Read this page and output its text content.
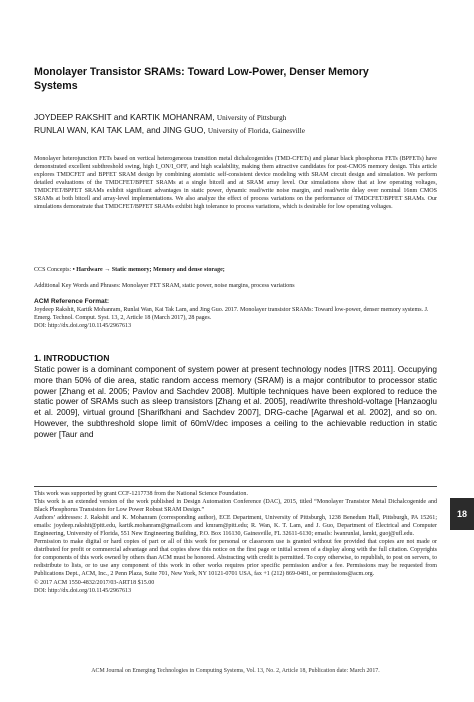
Monolayer Transistor SRAMs: Toward Low-Power, Denser Memory Systems
JOYDEEP RAKSHIT and KARTIK MOHANRAM, University of Pittsburgh
RUNLAI WAN, KAI TAK LAM, and JING GUO, University of Florida, Gainesville
Monolayer heterojunction FETs based on vertical heterogeneous transition metal dichalcogenides (TMD-CFETs) and planar black phosphorus FETs (BPFETs) have demonstrated excellent subthreshold swing, high I_ON/I_OFF, and high scalability, making them attractive candidates for post-CMOS memory design. This article explores TMDCFET and BPFET SRAM design by combining atomistic self-consistent device modeling with SRAM circuit design and simulation. We perform detailed evaluations of the TMDCFET/BPFET SRAMs at a single bitcell and at SRAM array level. Our simulations show that at low operating voltages, TMDCFET/BPFET SRAMs exhibit significant advantages in static power, dynamic read/write noise margin, and read/write delay over nominal 16nm CMOS SRAMs at both bitcell and array-level implementations. We also analyze the effect of process variations on the performance of TMDCFET/BPFET SRAMs. Our simulations demonstrate that TMDCFET/BPFET SRAMs exhibit high tolerance to process variations, which is desirable for low operating voltages.
CCS Concepts: • Hardware → Static memory; Memory and dense storage;
Additional Key Words and Phrases: Monolayer FET SRAM, static power, noise margins, process variations
ACM Reference Format:
Joydeep Rakshit, Kartik Mohanram, Runlai Wan, Kai Tak Lam, and Jing Guo. 2017. Monolayer transistor SRAMs: Toward low-power, denser memory systems. J. Emerg. Technol. Comput. Syst. 13, 2, Article 18 (March 2017), 28 pages.
DOI: http://dx.doi.org/10.1145/2967613
1. INTRODUCTION
Static power is a dominant component of system power at present technology nodes [ITRS 2011]. Occupying more than 50% of die area, static random access memory (SRAM) is a major contributor to processor static power [Zhang et al. 2005; Pavlov and Sachdev 2008]. Multiple techniques have been explored to reduce the static power of SRAMs such as sleep transistors [Zhang et al. 2005], read/write threshold-voltage [Hanzaoglu et al. 2009], virtual ground [Sharifkhani and Sachdev 2007], DRG-cache [Agarwal et al. 2002], and so on. However, the subthreshold slope limit of 60mV/dec imposes a ceiling to the achievable reduction in static power [Taur and

This work was supported by grant CCF-1217738 from the National Science Foundation.

This work is an extended version of the work published in Design Automation Conference (DAC), 2015, titled “Monolayer Transistor Metal Dichalcogenide and Black Phosphorus Transistors for Low Power Robust SRAM Design.”

Authors’ addresses: J. Rakshit and K. Mohanram (corresponding author), ECE Department, University of Pittsburgh, 1238 Benedum Hall, Pittsburgh, PA 15261; emails: joydeep.rakshit@pitt.edu, kartik.mohanram@gmail.com and kmram@pitt.edu; R. Wan, K. T. Lam, and J. Guo, Department of Electrical and Computer Engineering, University of Florida, 551 New Engineering Building, P.O. Box 116130, Gainesville, FL 32611-6130; emails: lwanrunlai, lamkt, guoj@ufl.edu.

Permission to make digital or hard copies of part or all of this work for personal or classroom use is granted without fee provided that copies are not made or distributed for profit or commercial advantage and that copies show this notice on the first page or initial screen of a display along with the full citation. Copyrights for components of this work owned by others than ACM must be honored. Abstracting with credit is permitted. To copy otherwise, to republish, to post on servers, to redistribute to lists, or to use any component of this work in other works requires prior specific permission and/or a fee. Permissions may be requested from Publications Dept., ACM, Inc., 2 Penn Plaza, Suite 701, New York, NY 10121-0701 USA, fax +1 (212) 869-0481, or permissions@acm.org.

© 2017 ACM 1550-4832/2017/03-ART18 $15.00

DOI: http://dx.doi.org/10.1145/2967613

18
ACM Journal on Emerging Technologies in Computing Systems, Vol. 13, No. 2, Article 18, Publication date: March 2017.
